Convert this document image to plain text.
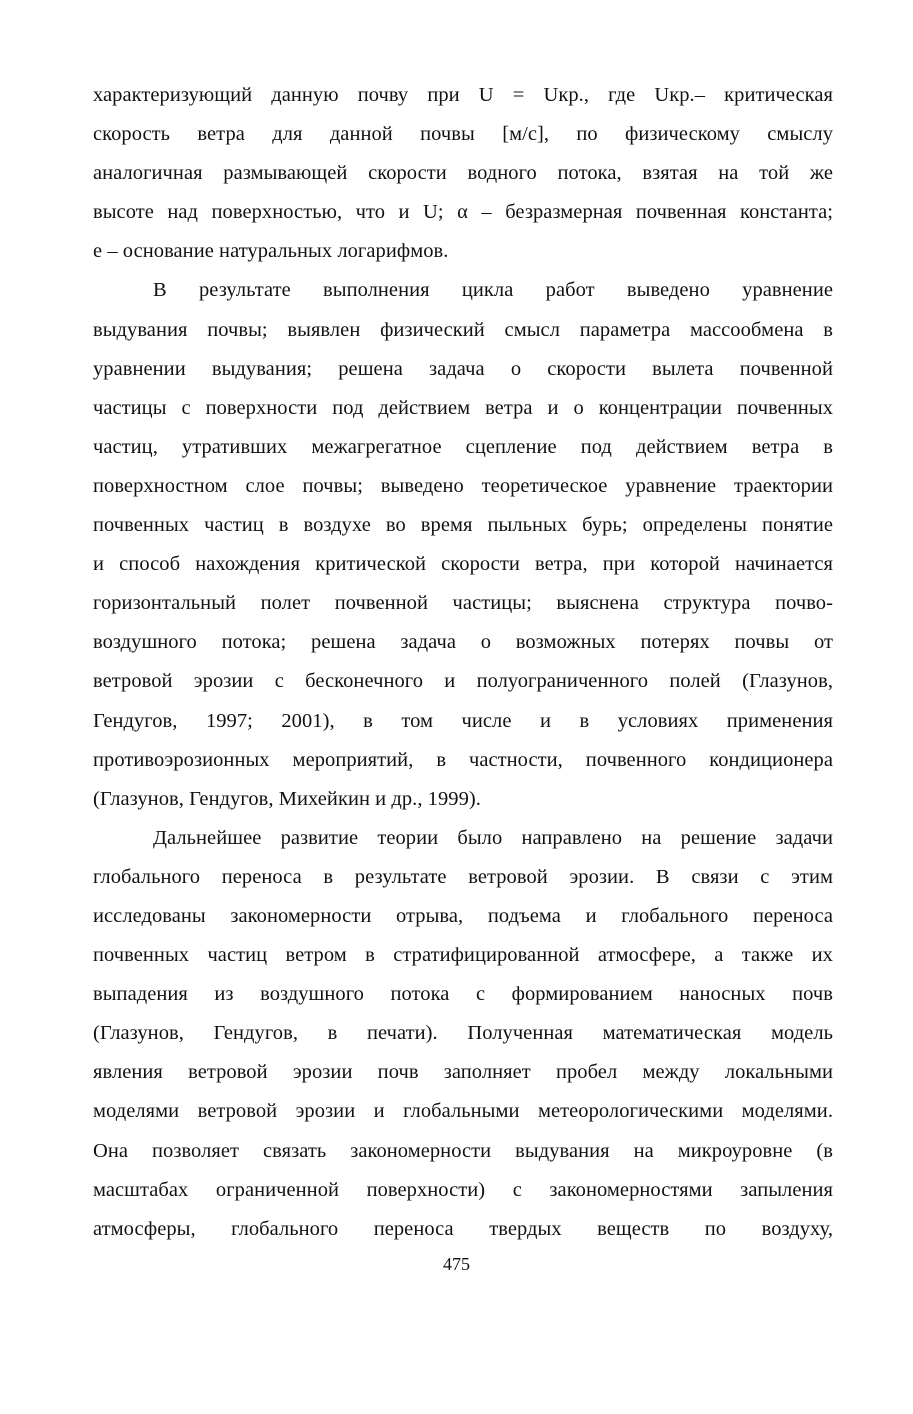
характеризующий данную почву при U = Uкр., где Uкр.– критическая
скорость ветра для данной почвы [м/с], по физическому смыслу
аналогичная размывающей скорости водного потока, взятая на той же
высоте над поверхностью, что и U; α – безразмерная почвенная константа;
e – основание натуральных логарифмов.
В результате выполнения цикла работ выведено уравнение
выдувания почвы; выявлен физический смысл параметра массообмена в
уравнении выдувания; решена задача о скорости вылета почвенной
частицы с поверхности под действием ветра и о концентрации почвенных
частиц, утративших межагрегатное сцепление под действием ветра в
поверхностном слое почвы; выведено теоретическое уравнение траектории
почвенных частиц в воздухе во время пыльных бурь; определены понятие
и способ нахождения критической скорости ветра, при которой начинается
горизонтальный полет почвенной частицы; выяснена структура почво-
воздушного потока; решена задача о возможных потерях почвы от
ветровой эрозии с бесконечного и полуограниченного полей (Глазунов,
Гендугов, 1997; 2001), в том числе и в условиях применения
противоэрозионных мероприятий, в частности, почвенного кондиционера
(Глазунов, Гендугов, Михейкин и др., 1999).
Дальнейшее развитие теории было направлено на решение задачи
глобального переноса в результате ветровой эрозии. В связи с этим
исследованы закономерности отрыва, подъема и глобального переноса
почвенных частиц ветром в стратифицированной атмосфере, а также их
выпадения из воздушного потока с формированием наносных почв
(Глазунов, Гендугов, в печати). Полученная математическая модель
явления ветровой эрозии почв заполняет пробел между локальными
моделями ветровой эрозии и глобальными метеорологическими моделями.
Она позволяет связать закономерности выдувания на микроуровне (в
масштабах ограниченной поверхности) с закономерностями запыления
атмосферы, глобального переноса твердых веществ по воздуху,
475
